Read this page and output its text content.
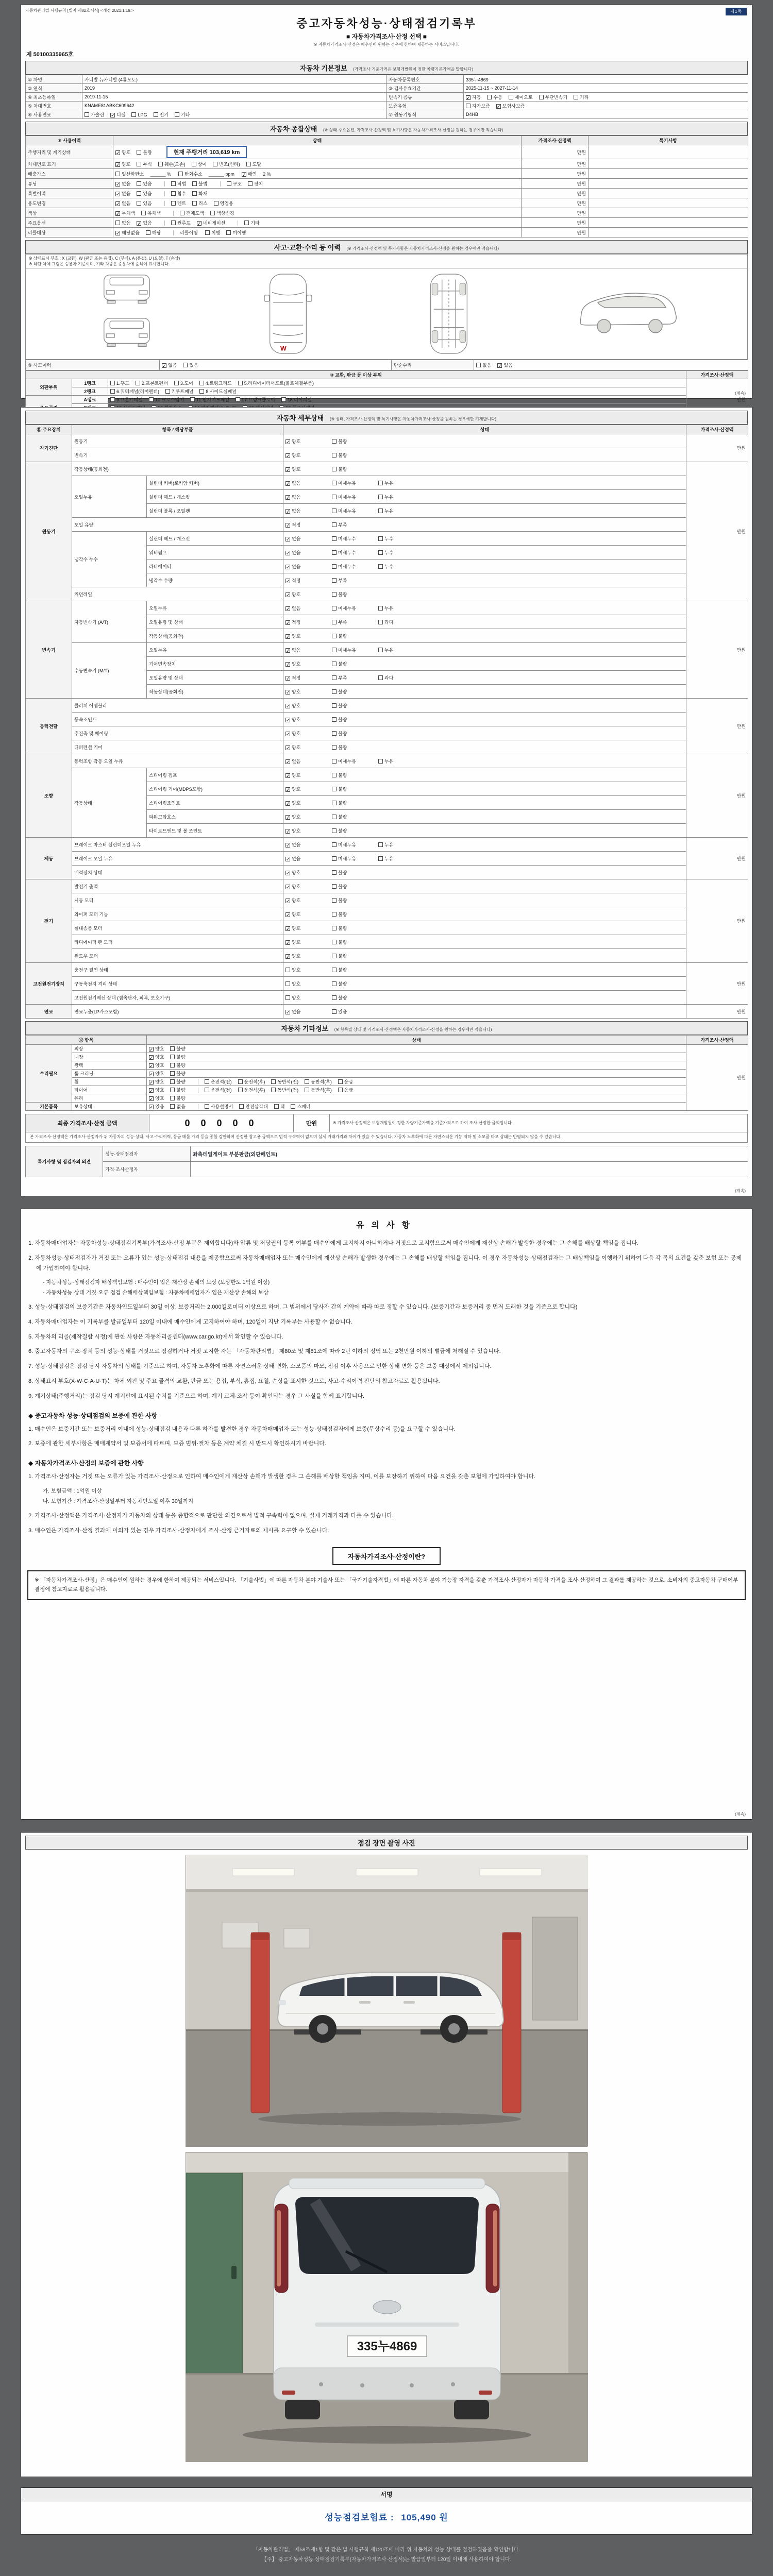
자동차관리법 시행규칙 [별지 제82호서식] <개정 2021.1.19.>	제1쪽
중고자동차성능·상태점검기록부
■ 자동차가격조사·산정 선택 ■
※ 자동차가격조사·산정은 매수인이 원하는 경우에 한하여 제공하는 서비스입니다.
제 50100335965호
자동차 기본정보 (가격조사 기준가격은 보험개발원이 정한 차량기준가액을 말합니다)
① 차명	카니발 뉴카니발 (4륜오토)	자동차등록번호	335누4869
② 연식	2019	③ 검사유효기간	2025-11-15 ~ 2027-11-14
④ 최초등록일	2019-11-15	변속기 종류	✓ 자동 수동 세미오토 무단변속기 기타
⑤ 차대번호	KNAME81ABKC609642	보증유형	자가보증 ✓ 보험사보증
⑥ 사용연료	가솔린 ✓ 디젤 LPG 전기 기타	⑦ 원동기형식	D4HB
자동차 종합상태 (※ 상태·주요옵션, 가격조사·산정액 및 특기사항은 자동차가격조사·산정을 원하는 경우에만 적습니다)
⑧ 사용이력	상태	가격조사·산정액	특기사항
주행거리 및 계기상태	✓ 양호 불량 현재 주행거리 103,619 km	만원	
차대번호 표기	✓ 양호 부식 훼손(오손) 상이 변조(변타) 도말	만원	
배출가스	일산화탄소 ______ % 탄화수소 ______ ppm ✓ 매연 2 %	만원	
튜닝	✓ 없음 있음 적법 불법 구조 장치	만원	
특별이력	✓ 없음 있음 침수 화재	만원	
용도변경	✓ 없음 있음 렌트 리스 영업용	만원	
색상	✓ 무채색 유채색 전체도색 색상변경	만원	
주요옵션	없음 ✓ 있음 썬루프 ✓ 네비게이션 기타	만원	
리콜대상	✓ 해당없음 해당 리콜이행 이행 미이행	만원	
사고·교환·수리 등 이력 (※ 가격조사·산정액 및 특기사항은 자동차가격조사·산정을 원하는 경우에만 적습니다)
※ 상태표시 부호 : X (교환), W (판금 또는 용접), C (부식), A (흠집), U (요철), T (손상)
※ 하단 차체 그림은 승용차 기준이며, 기타 차종은 승용차에 준하여 표시합니다.
W
⑨ 사고이력	✓ 없음	있음	단순수리	없음 ✓ 있음
⑩ 교환, 판금 등 이상 부위			가격조사·산정액
외판부위	1랭크	1.후드 2.프론트펜더 3.도어 4.트렁크리드 5.라디에이터서포트(볼트체결부품)	만원
	2랭크	6.쿼터패널(리어펜더) 7.루프패널 8.사이드실패널	
	A랭크	9.프론트패널 10.크로스멤버 11.인사이드패널 17.트렁크플로어 18.리어패널	

(계속)
자동차 세부상태 (※ 상태, 가격조사·산정액 및 특기사항은 자동차가격조사·산정을 원하는 경우에만 기재합니다)
⑪ 주요장치	항목 / 해당부품		상태	가격조사·산정액
자기진단	원동기		✓ 양호 불량	만원
	변속기		✓ 양호 불량	
원동기	작동상태(공회전)		✓ 양호 불량	만원
	오일누유	실린더 커버(로커암 커버)	✓ 없음 미세누유 누유	
		실린더 헤드 / 개스킷	✓ 없음 미세누유 누유	
		실린더 블록 / 오일팬	✓ 없음 미세누유 누유	
	오일 유량		✓ 적정 부족	
	냉각수 누수	실린더 헤드 / 개스킷	✓ 없음 미세누수 누수	
		워터펌프	✓ 없음 미세누수 누수	
		라디에이터	✓ 없음 미세누수 누수	
		냉각수 수량	✓ 적정 부족	
	커먼레일		✓ 양호 불량	
변속기	자동변속기 (A/T)	오일누유	✓ 없음 미세누유 누유	만원
		오일유량 및 상태	✓ 적정 부족 과다	
		작동상태(공회전)	✓ 양호 불량	
	수동변속기 (M/T)	오일누유	✓ 없음 미세누유 누유	
		기어변속장치	✓ 양호 불량	
		오일유량 및 상태	✓ 적정 부족 과다	
		작동상태(공회전)	✓ 양호 불량	
동력전달	클러치 어셈블리		✓ 양호 불량	만원
	등속조인트		✓ 양호 불량	
	추진축 및 베어링		✓ 양호 불량	
	디퍼렌셜 기어		✓ 양호 불량	
조향	동력조향 작동 오일 누유		✓ 없음 미세누유 누유	만원
	작동상태	스티어링 펌프	✓ 양호 불량	
		스티어링 기어(MDPS포함)	✓ 양호 불량	
		스티어링조인트	✓ 양호 불량	
		파워고압호스	✓ 양호 불량	
		타이로드엔드 및 볼 조인트	✓ 양호 불량	
제동	브레이크 마스터 실린더오일 누유		✓ 없음 미세누유 누유	만원
	브레이크 오일 누유		✓ 없음 미세누유 누유	
	배력장치 상태		✓ 양호 불량	
전기	발전기 출력		✓ 양호 불량	만원
	시동 모터		✓ 양호 불량	
	와이퍼 모터 기능		✓ 양호 불량	
	실내송풍 모터		✓ 양호 불량	
	라디에이터 팬 모터		✓ 양호 불량	
	윈도우 모터		✓ 양호 불량	
고전원전기장치	충전구 절연 상태		양호 불량	만원
	구동축전지 격리 상태		양호 불량	
	고전원전기배선 상태 (접속단자, 피복, 보호기구)		양호 불량	
연료	연료누출(LP가스포함)		✓ 없음 있음	만원
자동차 기타정보 (※ 항목별 상태 및 가격조사·산정액은 자동차가격조사·산정을 원하는 경우에만 적습니다)
⑫ 항목		상태	가격조사·산정액
수리필요	외장	✓ 양호 불량	만원
	내장	✓ 양호 불량	
	광택	✓ 양호 불량	
	룸 크리닝	✓ 양호 불량	
	휠	✓ 양호 불량 운전석(전) 운전석(후) 동반석(전) 동반석(후) 응급	
	타이어	✓ 양호 불량 운전석(전) 운전석(후) 동반석(전) 동반석(후) 응급	
	유리	✓ 양호 불량	
기본품목	보유상태	✓ 있음 없음 사용설명서 안전삼각대 잭 스패너	
최종 가격조사·산정 금액	0 0 0 0 0	만원	※ 가격조사·산정액은 보험개발원이 정한 차량기준가액을 기준가격으로 하여 조사·산정한 금액입니다.
본 가격조사·산정액은 가격조사·산정자가 위 자동차의 성능·상태, 사고·수리이력, 동급 매물 가격 등을 종합 감안하여 산정한 참고용 금액으로 법적 구속력이 없으며 실제 거래가격과 차이가 있을 수 있습니다. 자동차 노후화에 따른 자연스러운 기능 저하 및 소모품 마모 상태는 반영되지 않을 수 있습니다.
특기사항 및 점검자의 의견	성능·상태점검자	좌측테일게이트 부분판금(외판페인트)
	가격·조사산정자	
(계속)
유의사항
1. 자동차매매업자는 자동차성능·상태점검기록부(가격조사·산정 부분은 제외합니다)와 압류 및 저당권의 등록 여부를 매수인에게 고지하지 아니하거나 거짓으로 고지함으로써 매수인에게 재산상 손해가 발생한 경우에는 그 손해를 배상할 책임을 집니다.
2. 자동차성능·상태점검자가 거짓 또는 오류가 있는 성능·상태점검 내용을 제공함으로써 자동차매매업자 또는 매수인에게 재산상 손해가 발생한 경우에는 그 손해를 배상할 책임을 집니다. 이 경우 자동차성능·상태점검자는 그 배상책임을 이행하기 위하여 다음 각 목의 요건을 갖춘 보험 또는 공제에 가입하여야 합니다.
- 자동차성능·상태점검자 배상책임보험 : 매수인이 입은 재산상 손해의 보상 (보상한도 1억원 이상)
- 자동차성능·상태 거짓·오류 점검 손해배상책임보험 : 자동차매매업자가 입은 재산상 손해의 보상
3. 성능·상태점검의 보증기간은 자동차인도일부터 30일 이상, 보증거리는 2,000킬로미터 이상으로 하며, 그 범위에서 당사자 간의 계약에 따라 따로 정할 수 있습니다. (보증기간과 보증거리 중 먼저 도래한 것을 기준으로 합니다)
4. 자동차매매업자는 이 기록부를 발급일부터 120일 이내에 매수인에게 고지하여야 하며, 120일이 지난 기록부는 사용할 수 없습니다.
5. 자동차의 리콜(제작결함 시정)에 관한 사항은 자동차리콜센터(www.car.go.kr)에서 확인할 수 있습니다.
6. 중고자동차의 구조·장치 등의 성능·상태를 거짓으로 점검하거나 거짓 고지한 자는 「자동차관리법」 제80조 및 제81조에 따라 2년 이하의 징역 또는 2천만원 이하의 벌금에 처해질 수 있습니다.
7. 성능·상태점검은 점검 당시 자동차의 상태를 기준으로 하며, 자동차 노후화에 따른 자연스러운 상태 변화, 소모품의 마모, 점검 이후 사용으로 인한 상태 변화 등은 보증 대상에서 제외됩니다.
8. 상태표시 부호(X·W·C·A·U·T)는 차체 외판 및 주요 골격의 교환, 판금 또는 용접, 부식, 흠집, 요철, 손상을 표시한 것으로, 사고·수리이력 판단의 참고자료로 활용됩니다.
9. 계기상태(주행거리)는 점검 당시 계기판에 표시된 수치를 기준으로 하며, 계기 교체·조작 등이 확인되는 경우 그 사실을 함께 표기합니다.
◆ 중고자동차 성능·상태점검의 보증에 관한 사항
1. 매수인은 보증기간 또는 보증거리 이내에 성능·상태점검 내용과 다른 하자를 발견한 경우 자동차매매업자 또는 성능·상태점검자에게 보증(무상수리 등)을 요구할 수 있습니다.
2. 보증에 관한 세부사항은 매매계약서 및 보증서에 따르며, 보증 범위·절차 등은 계약 체결 시 반드시 확인하시기 바랍니다.
◆ 자동차가격조사·산정의 보증에 관한 사항
1. 가격조사·산정자는 거짓 또는 오류가 있는 가격조사·산정으로 인하여 매수인에게 재산상 손해가 발생한 경우 그 손해를 배상할 책임을 지며, 이를 보장하기 위하여 다음 요건을 갖춘 보험에 가입하여야 합니다.
가. 보험금액 : 1억원 이상
나. 보험기간 : 가격조사·산정일부터 자동차인도일 이후 30일까지
2. 가격조사·산정액은 가격조사·산정자가 자동차의 상태 등을 종합적으로 판단한 의견으로서 법적 구속력이 없으며, 실제 거래가격과 다를 수 있습니다.
3. 매수인은 가격조사·산정 결과에 이의가 있는 경우 가격조사·산정자에게 조사·산정 근거자료의 제시를 요구할 수 있습니다.
자동차가격조사·산정이란?
※ 「자동차가격조사·산정」은 매수인이 원하는 경우에 한하여 제공되는 서비스입니다. 「기술사법」에 따른 자동차 분야 기술사 또는 「국가기술자격법」에 따른 자동차 분야 기능장 자격을 갖춘 가격조사·산정자가 자동차 가격을 조사·산정하여 그 결과를 제공하는 것으로, 소비자의 중고자동차 구매여부 결정에 참고자료로 활용됩니다.
(계속)
점검 장면 촬영 사진
335누4869
서명
성능점검보험료 : 105,490 원
「자동차관리법」 제58조제1항 및 같은 법 시행규칙 제120조에 따라 위 자동차의 성능·상태를 점검하였음을 확인합니다.
【주】 중고자동차성능·상태점검기록부(자동차가격조사·산정서)는 발급일부터 120일 이내에 사용하여야 합니다.
